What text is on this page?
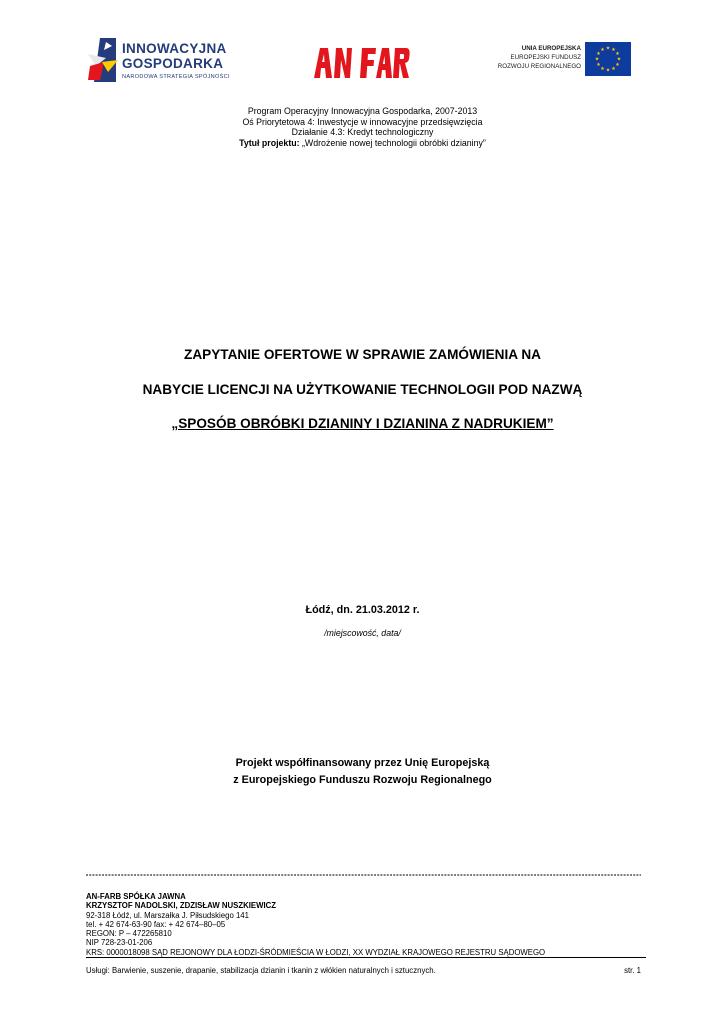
INNOWACYJNA
GOSPODARKA
NARODOWA STRATEGIA SPÓJNOŚCI
UNIA EUROPEJSKA
EUROPEJSKI FUNDUSZ
ROZWOJU REGIONALNEGO
★ ★
★
★
★
★
★
★
★
★
★
★
Program Operacyjny Innowacyjna Gospodarka, 2007-2013
Oś Priorytetowa 4: Inwestycje w innowacyjne przedsięwzięcia
Działanie 4.3: Kredyt technologiczny
Tytuł projektu: „Wdrożenie nowej technologii obróbki dzianiny”
ZAPYTANIE OFERTOWE W SPRAWIE ZAMÓWIENIA NA
NABYCIE LICENCJI NA UŻYTKOWANIE TECHNOLOGII POD NAZWĄ
„SPOSÓB OBRÓBKI DZIANINY I DZIANINA Z NADRUKIEM”
Łódź, dn. 21.03.2012 r.
/miejscowość, data/
Projekt współfinansowany przez Unię Europejską
z Europejskiego Funduszu Rozwoju Regionalnego
AN-FARB SPÓŁKA JAWNA
KRZYSZTOF NADOLSKI, ZDZISŁAW NUSZKIEWICZ
92-318 Łódź, ul. Marszałka J. Piłsudskiego 141
tel. + 42 674-63-90 fax: + 42 674–80–05
REGON: P – 472265810
NIP 728-23-01-206
KRS: 0000018098 SĄD REJONOWY DLA ŁODZI-ŚRÓDMIEŚCIA W ŁODZI, XX WYDZIAŁ KRAJOWEGO REJESTRU SĄDOWEGO
Usługi: Barwienie, suszenie, drapanie, stabilizacja dzianin i tkanin z włókien naturalnych i sztucznych.	str. 1
